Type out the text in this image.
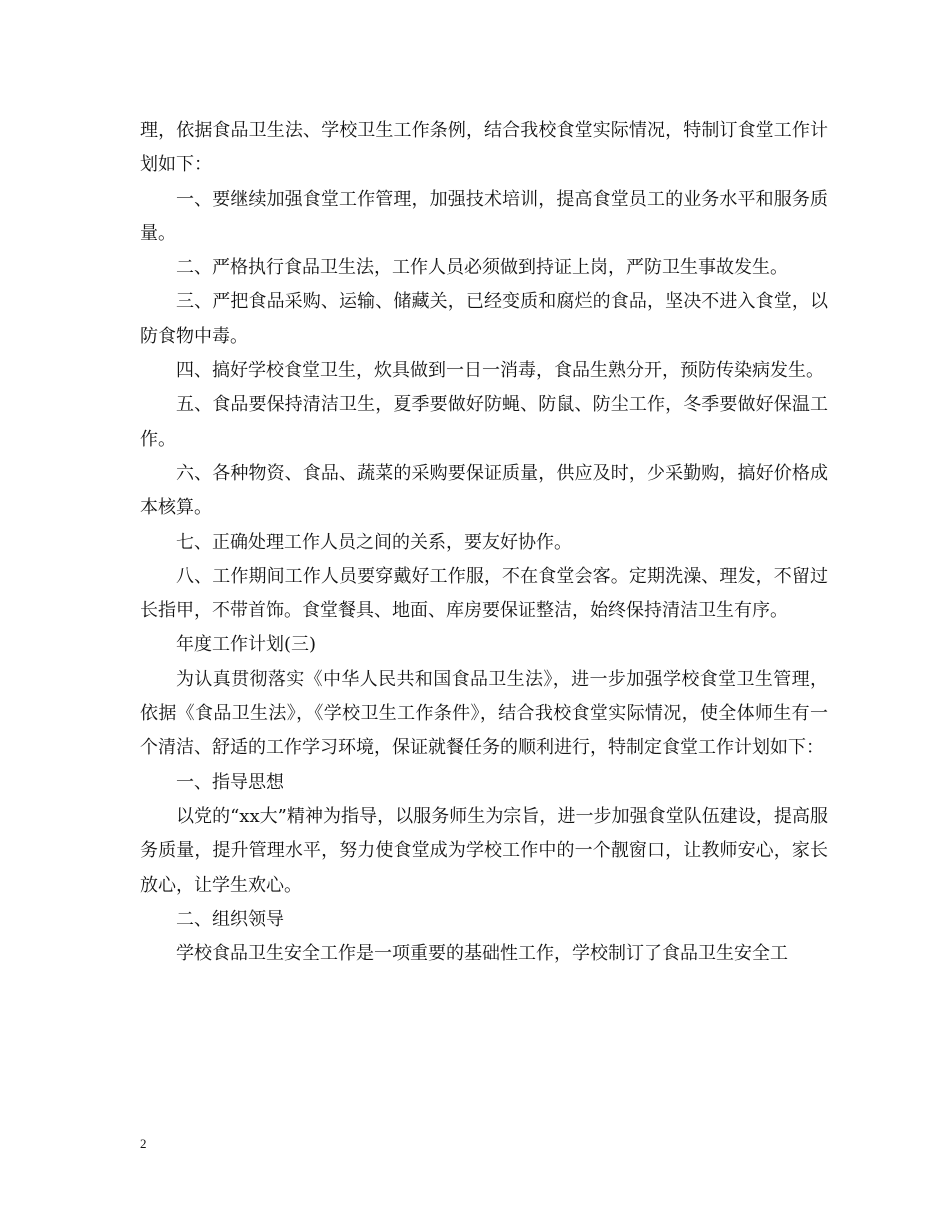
理，依据食品卫生法、学校卫生工作条例，结合我校食堂实际情况，特制订食堂工作计划如下：

一、要继续加强食堂工作管理，加强技术培训，提高食堂员工的业务水平和服务质量。

二、严格执行食品卫生法，工作人员必须做到持证上岗，严防卫生事故发生。

三、严把食品采购、运输、储藏关，已经变质和腐烂的食品，坚决不进入食堂，以防食物中毒。

四、搞好学校食堂卫生，炊具做到一日一消毒，食品生熟分开，预防传染病发生。

五、食品要保持清洁卫生，夏季要做好防蝇、防鼠、防尘工作，冬季要做好保温工作。

六、各种物资、食品、蔬菜的采购要保证质量，供应及时，少采勤购，搞好价格成本核算。

七、正确处理工作人员之间的关系，要友好协作。

八、工作期间工作人员要穿戴好工作服，不在食堂会客。定期洗澡、理发，不留过长指甲，不带首饰。食堂餐具、地面、库房要保证整洁，始终保持清洁卫生有序。

年度工作计划(三)

为认真贯彻落实《中华人民共和国食品卫生法》，进一步加强学校食堂卫生管理，依据《食品卫生法》，《学校卫生工作条件》，结合我校食堂实际情况，使全体师生有一个清洁、舒适的工作学习环境，保证就餐任务的顺利进行，特制定食堂工作计划如下：

一、指导思想

以党的“xx大”精神为指导，以服务师生为宗旨，进一步加强食堂队伍建设，提高服务质量，提升管理水平，努力使食堂成为学校工作中的一个靓窗口，让教师安心，家长放心，让学生欢心。

二、组织领导

学校食品卫生安全工作是一项重要的基础性工作，学校制订了食品卫生安全工

2
